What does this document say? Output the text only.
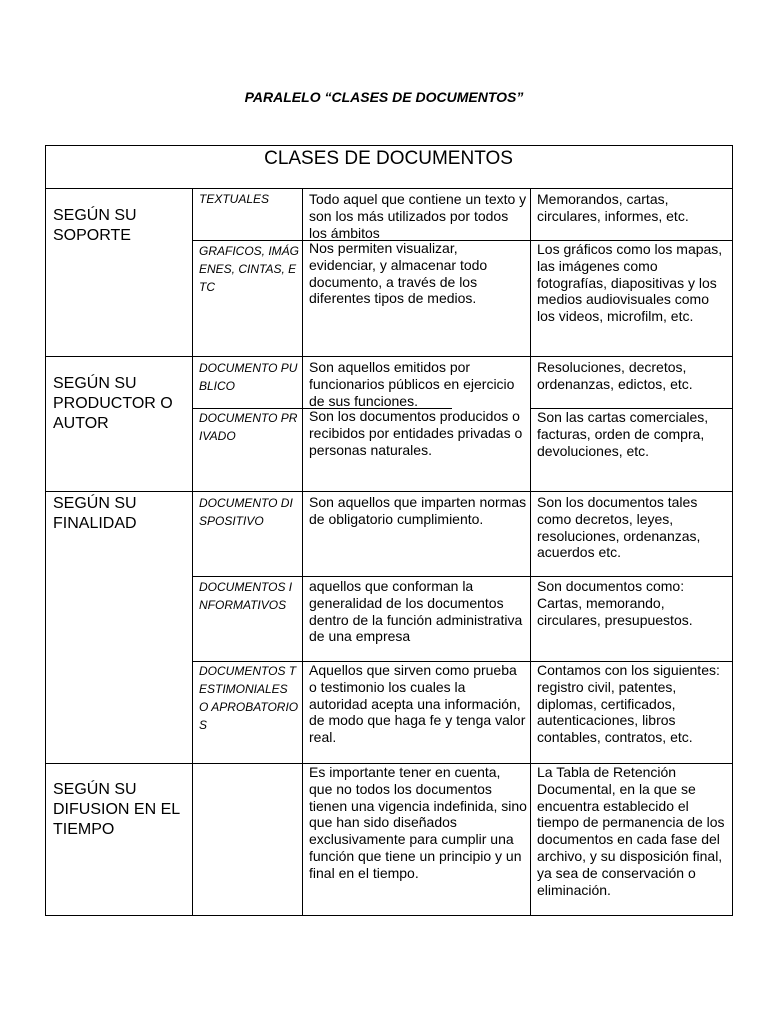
PARALELO “CLASES DE DOCUMENTOS”
CLASES DE DOCUMENTOS
SEGÚN SU SOPORTE
TEXTUALES	Todo aquel que contiene un texto y son los más utilizados por todos los ámbitos
Memorandos, cartas, circulares, informes, etc.
GRAFICOS, IMÁGENES, CINTAS, ETC
Nos permiten visualizar, evidenciar, y almacenar todo documento, a través de los diferentes tipos de medios.
Los gráficos como los mapas, las imágenes como fotografías, diapositivas y los medios audiovisuales como los videos, microfilm, etc.
SEGÚN SU PRODUCTOR O AUTOR
DOCUMENTO PUBLICO
Son aquellos emitidos por funcionarios públicos en ejercicio de sus funciones.
Resoluciones, decretos, ordenanzas, edictos, etc.
DOCUMENTO PRIVADO
Son los documentos producidos o recibidos por entidades privadas o personas naturales.
Son las cartas comerciales, facturas, orden de compra, devoluciones, etc.
SEGÚN SU FINALIDAD
DOCUMENTO DISPOSITIVO
Son aquellos que imparten normas de obligatorio cumplimiento.
Son los documentos tales como decretos, leyes, resoluciones, ordenanzas, acuerdos etc.
DOCUMENTOS INFORMATIVOS
aquellos que conforman la generalidad de los documentos dentro de la función administrativa de una empresa
Son documentos como: Cartas, memorando, circulares, presupuestos.
DOCUMENTOS TESTIMONIALES O APROBATORIOS
Aquellos que sirven como prueba o testimonio los cuales la autoridad acepta una información, de modo que haga fe y tenga valor real.
Contamos con los siguientes: registro civil, patentes, diplomas, certificados, autenticaciones, libros contables, contratos, etc.
SEGÚN SU DIFUSION EN EL TIEMPO
Es importante tener en cuenta, que no todos los documentos tienen una vigencia indefinida, sino que han sido diseñados exclusivamente para cumplir una función que tiene un principio y un final en el tiempo.
La Tabla de Retención Documental, en la que se encuentra establecido el tiempo de permanencia de los documentos en cada fase del archivo, y su disposición final, ya sea de conservación o eliminación.
